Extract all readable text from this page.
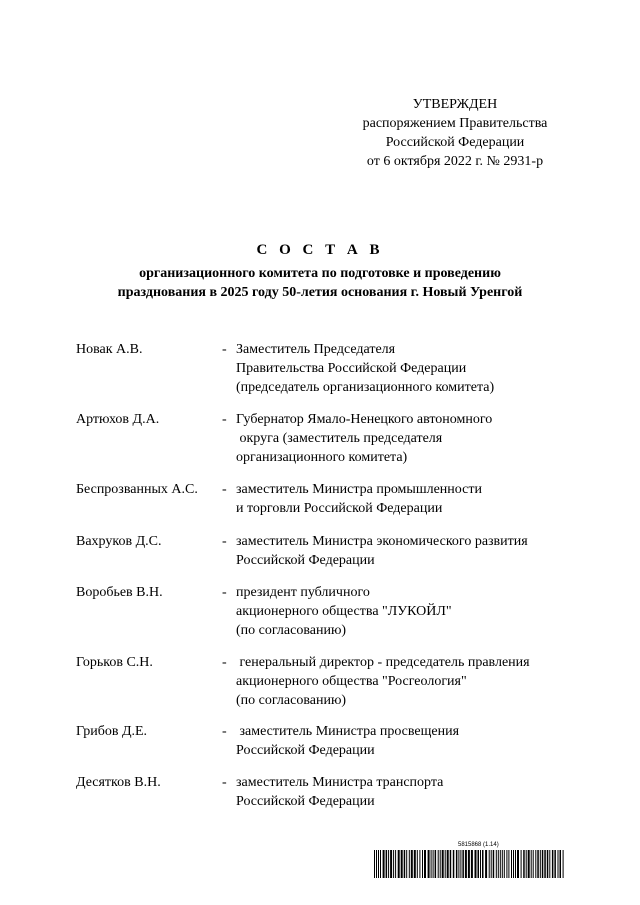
УТВЕРЖДЕН
распоряжением Правительства
Российской Федерации
от 6 октября 2022 г. № 2931-р
С О С Т А В
организационного комитета по подготовке и проведению
празднования в 2025 году 50-летия основания г. Новый Уренгой
Новак А.В.	- Заместитель Председателя
Правительства Российской Федерации
(председатель организационного комитета)
Артюхов Д.А.	- Губернатор Ямало-Ненецкого автономного
округа (заместитель председателя
организационного комитета)
Беспрозванных А.С.	- заместитель Министра промышленности
и торговли Российской Федерации
Вахруков Д.С.	- заместитель Министра экономического развития
Российской Федерации
Воробьев В.Н.	- президент публичного
акционерного общества "ЛУКОЙЛ"
(по согласованию)
Горьков С.Н.	- генеральный директор - председатель правления
акционерного общества "Росгеология"
(по согласованию)
Грибов Д.Е.	- заместитель Министра просвещения
Российской Федерации
Десятков В.Н.	- заместитель Министра транспорта
Российской Федерации
5815868 (1.14)
